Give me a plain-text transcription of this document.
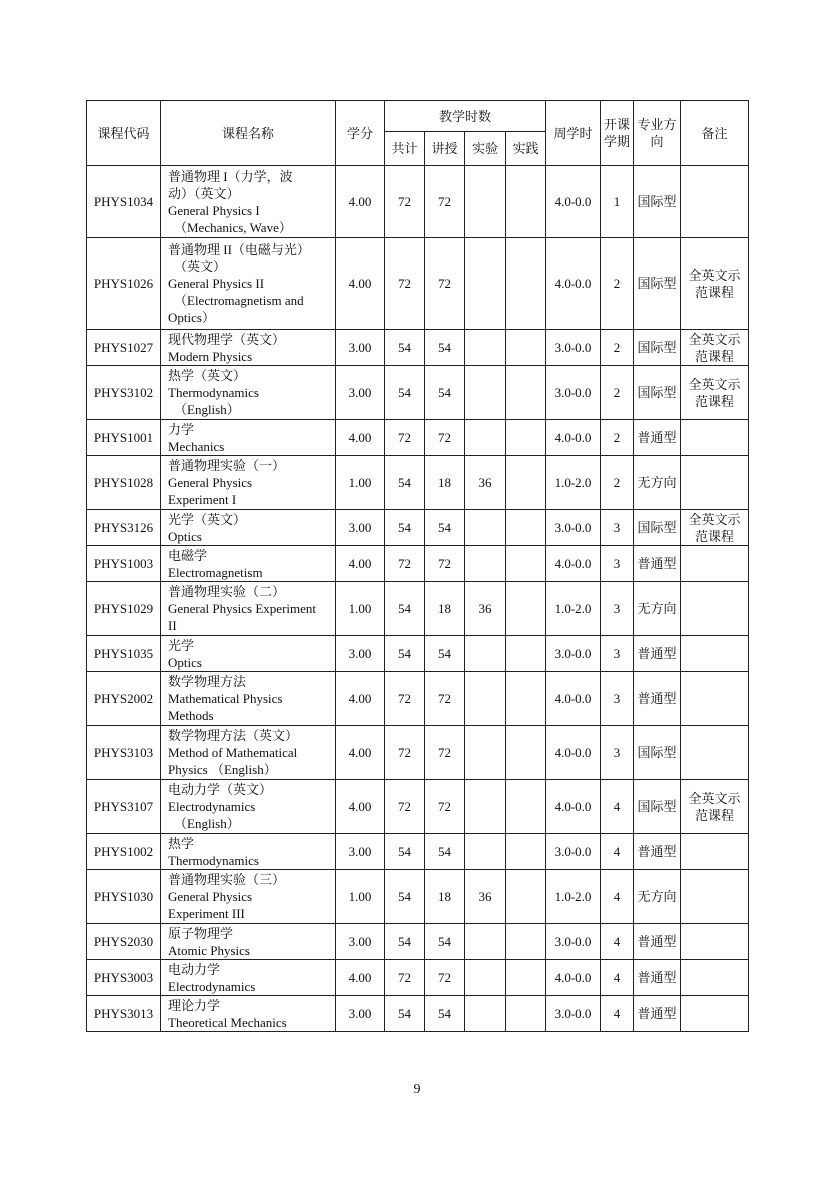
课程代码	课程名称	学分	教学时数				周学时	开课学期	专业方向	备注
			共计	讲授	实验	实践				
PHYS1034	普通物理 I（力学，波
动）（英文）
General Physics I
（Mechanics, Wave）	4.00	72	72			4.0-0.0	1	国际型	
PHYS1026	普通物理 II（电磁与光）
（英文）
General Physics II
（Electromagnetism and
Optics）	4.00	72	72			4.0-0.0	2	国际型	全英文示范课程
PHYS1027	现代物理学（英文）
Modern Physics	3.00	54	54			3.0-0.0	2	国际型	全英文示范课程
PHYS3102	热学（英文）
Thermodynamics
（English）	3.00	54	54			3.0-0.0	2	国际型	全英文示范课程
PHYS1001	力学
Mechanics	4.00	72	72			4.0-0.0	2	普通型	
PHYS1028	普通物理实验（一）
General Physics
Experiment I	1.00	54	18	36		1.0-2.0	2	无方向	
PHYS3126	光学（英文）
Optics	3.00	54	54			3.0-0.0	3	国际型	全英文示范课程
PHYS1003	电磁学
Electromagnetism	4.00	72	72			4.0-0.0	3	普通型	
PHYS1029	普通物理实验（二）
General Physics Experiment
II	1.00	54	18	36		1.0-2.0	3	无方向	
PHYS1035	光学
Optics	3.00	54	54			3.0-0.0	3	普通型	
PHYS2002	数学物理方法
Mathematical Physics
Methods	4.00	72	72			4.0-0.0	3	普通型	
PHYS3103	数学物理方法（英文）
Method of Mathematical
Physics （English）	4.00	72	72			4.0-0.0	3	国际型	
PHYS3107	电动力学（英文）
Electrodynamics
（English）	4.00	72	72			4.0-0.0	4	国际型	全英文示范课程
PHYS1002	热学
Thermodynamics	3.00	54	54			3.0-0.0	4	普通型	
PHYS1030	普通物理实验（三）
General Physics
Experiment III	1.00	54	18	36		1.0-2.0	4	无方向	
PHYS2030	原子物理学
Atomic Physics	3.00	54	54			3.0-0.0	4	普通型	
PHYS3003	电动力学
Electrodynamics	4.00	72	72			4.0-0.0	4	普通型	
PHYS3013	理论力学
Theoretical Mechanics	3.00	54	54			3.0-0.0	4	普通型	
9
